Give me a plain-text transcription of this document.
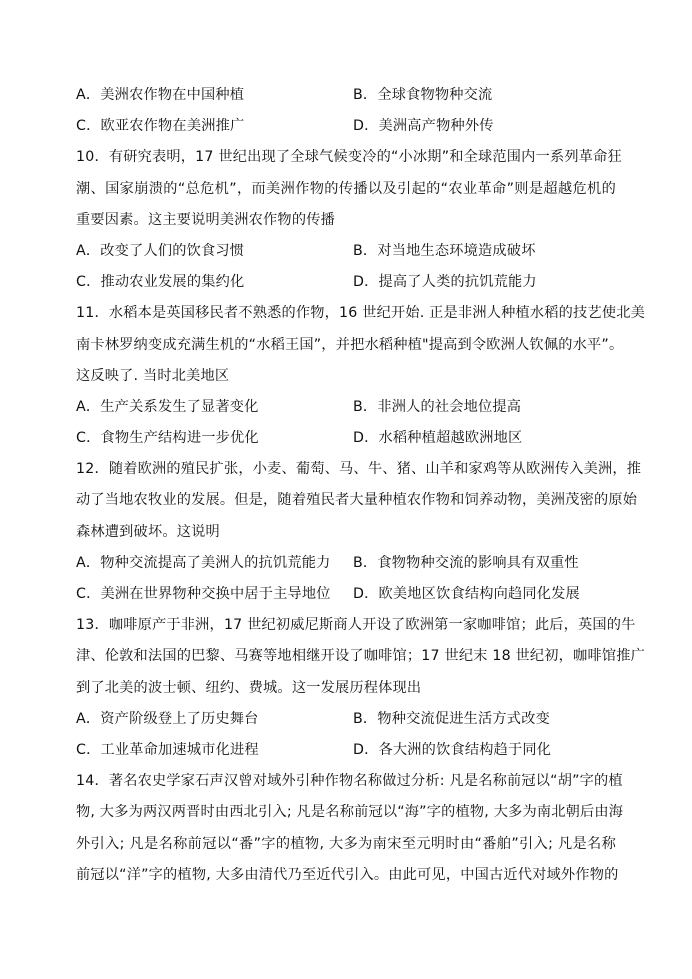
A．美洲农作物在中国种植	B．全球食物物种交流
C．欧亚农作物在美洲推广	D．美洲高产物种外传
10．有研究表明，17 世纪出现了全球气候变冷的“小冰期”和全球范围内一系列革命狂
潮、国家崩溃的“总危机”，而美洲作物的传播以及引起的“农业革命”则是超越危机的
重要因素。这主要说明美洲农作物的传播
A．改变了人们的饮食习惯	B．对当地生态环境造成破坏
C．推动农业发展的集约化	D．提高了人类的抗饥荒能力
11．水稻本是英国移民者不熟悉的作物，16 世纪开始. 正是非洲人种植水稻的技艺使北美
南卡林罗纳变成充满生机的“水稻王国”，并把水稻种植"提高到令欧洲人钦佩的水平”。
这反映了. 当时北美地区
A．生产关系发生了显著变化	B．非洲人的社会地位提高
C．食物生产结构进一步优化	D．水稻种植超越欧洲地区
12．随着欧洲的殖民扩张，小麦、葡萄、马、牛、猪、山羊和家鸡等从欧洲传入美洲，推
动了当地农牧业的发展。但是，随着殖民者大量种植农作物和饲养动物，美洲茂密的原始
森林遭到破坏。这说明
A．物种交流提高了美洲人的抗饥荒能力 B．食物物种交流的影响具有双重性
C．美洲在世界物种交换中居于主导地位 D．欧美地区饮食结构向趋同化发展
13．咖啡原产于非洲，17 世纪初威尼斯商人开设了欧洲第一家咖啡馆；此后，英国的牛
津、伦敦和法国的巴黎、马赛等地相继开设了咖啡馆；17 世纪末 18 世纪初，咖啡馆推广
到了北美的波士顿、纽约、费城。这一发展历程体现出
A．资产阶级登上了历史舞台	B．物种交流促进生活方式改变
C．工业革命加速城市化进程	D．各大洲的饮食结构趋于同化
14．著名农史学家石声汉曾对域外引种作物名称做过分析: 凡是名称前冠以“胡”字的植
物, 大多为两汉两晋时由西北引入; 凡是名称前冠以“海”字的植物, 大多为南北朝后由海
外引入; 凡是名称前冠以“番”字的植物, 大多为南宋至元明时由“番舶”引入; 凡是名称
前冠以“洋”字的植物, 大多由清代乃至近代引入。由此可见，中国古近代对域外作物的
